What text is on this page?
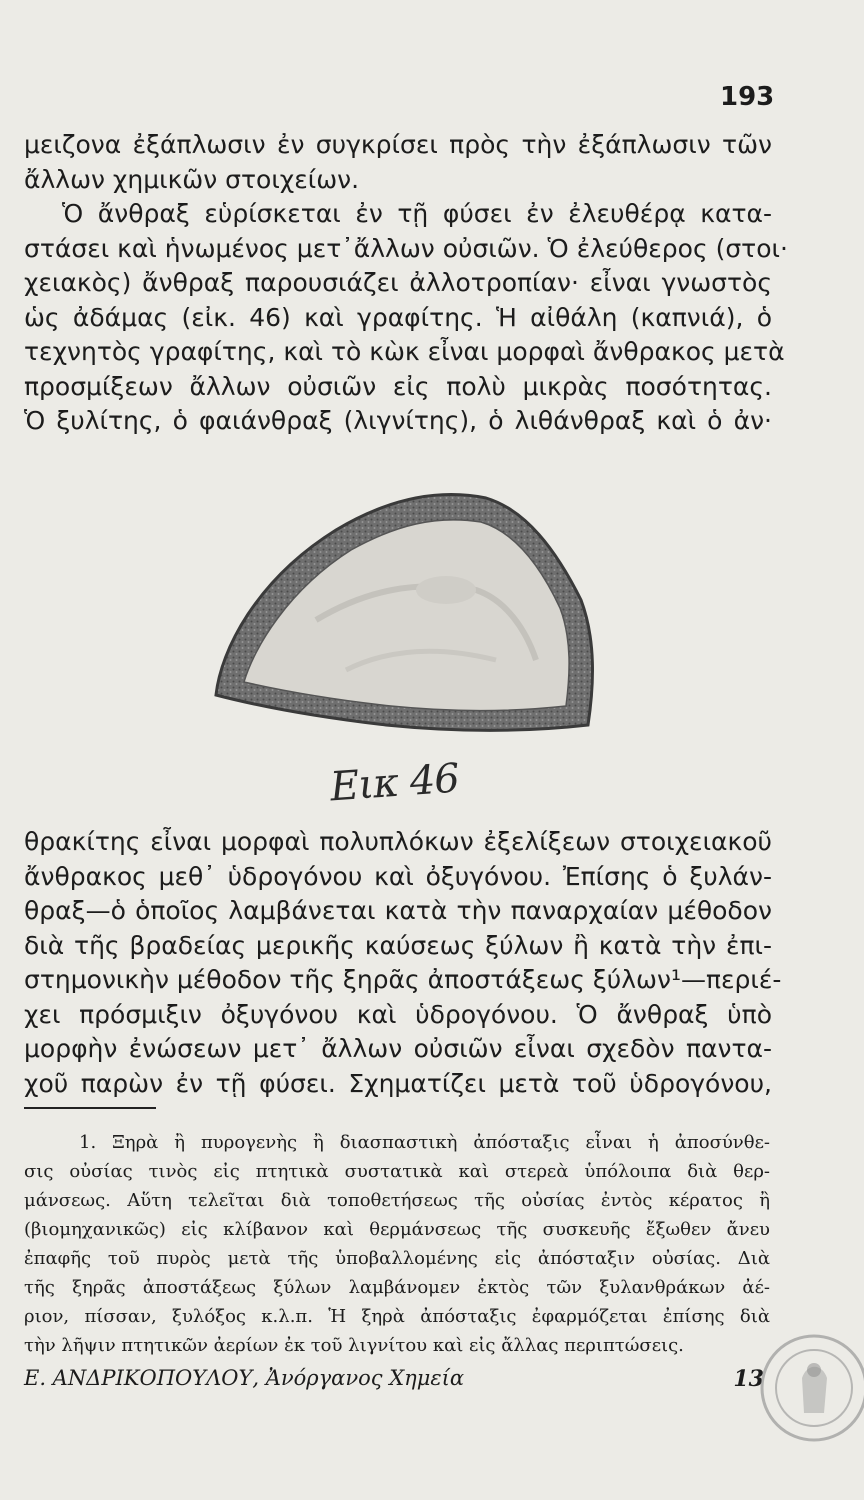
193
μειζονα ἐξάπλωσιν ἐν συγκρίσει πρὸς τὴν ἐξάπλωσιν τῶν
ἄλλων χημικῶν στοιχείων.
Ὁ ἄνθραξ εὑρίσκεται ἐν τῇ φύσει ἐν ἐλευθέρᾳ κατα-
στάσει καὶ ἡνωμένος μετ᾽ἄλλων οὐσιῶν. Ὁ ἐλεύθερος (στοι·
χειακὸς) ἄνθραξ παρουσιάζει ἀλλοτροπίαν· εἶναι γνωστὸς
ὡς ἀδάμας (εἰκ. 46) καὶ γραφίτης. Ἡ αἰθάλη (καπνιά), ὁ
τεχνητὸς γραφίτης, καὶ τὸ κὼκ εἶναι μορφαὶ ἄνθρακος μετὰ
προσμίξεων ἄλλων οὐσιῶν εἰς πολὺ μικρὰς ποσότητας.
Ὁ ξυλίτης, ὁ φαιάνθραξ (λιγνίτης), ὁ λιθάνθραξ καὶ ὁ ἀν·
Εικ 46
θρακίτης εἶναι μορφαὶ πολυπλόκων ἐξελίξεων στοιχειακοῦ
ἄνθρακος μεθ᾽ ὑδρογόνου καὶ ὀξυγόνου. Ἐπίσης ὁ ξυλάν-
θραξ—ὁ ὁποῖος λαμβάνεται κατὰ τὴν παναρχαίαν μέθοδον
διὰ τῆς βραδείας μερικῆς καύσεως ξύλων ἢ κατὰ τὴν ἐπι-
στημονικὴν μέθοδον τῆς ξηρᾶς ἀποστάξεως ξύλων¹—περιέ-
χει πρόσμιξιν ὀξυγόνου καὶ ὑδρογόνου. Ὁ ἄνθραξ ὑπὸ
μορφὴν ἐνώσεων μετ᾽ ἄλλων οὐσιῶν εἶναι σχεδὸν παντα-
χοῦ παρὼν ἐν τῇ φύσει. Σχηματίζει μετὰ τοῦ ὑδρογόνου,
1. Ξηρὰ ἢ πυρογενὴς ἢ διασπαστικὴ ἀπόσταξις εἶναι ἡ ἀποσύνθε-
σις οὐσίας τινὸς εἰς πτητικὰ συστατικὰ καὶ στερεὰ ὑπόλοιπα διὰ θερ-
μάνσεως. Αὕτη τελεῖται διὰ τοποθετήσεως τῆς οὐσίας ἐντὸς κέρατος ἢ
(βιομηχανικῶς) εἰς κλίβανον καὶ θερμάνσεως τῆς συσκευῆς ἔξωθεν ἄνευ
ἐπαφῆς τοῦ πυρὸς μετὰ τῆς ὑποβαλλομένης εἰς ἀπόσταξιν οὐσίας. Διὰ
τῆς ξηρᾶς ἀποστάξεως ξύλων λαμβάνομεν ἐκτὸς τῶν ξυλανθράκων ἀέ-
ριον, πίσσαν, ξυλόξος κ.λ.π. Ἡ ξηρὰ ἀπόσταξις ἐφαρμόζεται ἐπίσης διὰ
τὴν λῆψιν πτητικῶν ἀερίων ἐκ τοῦ λιγνίτου καὶ εἰς ἄλλας περιπτώσεις.
Ε. ΑΝΔΡΙΚΟΠΟΥΛΟΥ, Ἀνόργανος Χημεία	13
